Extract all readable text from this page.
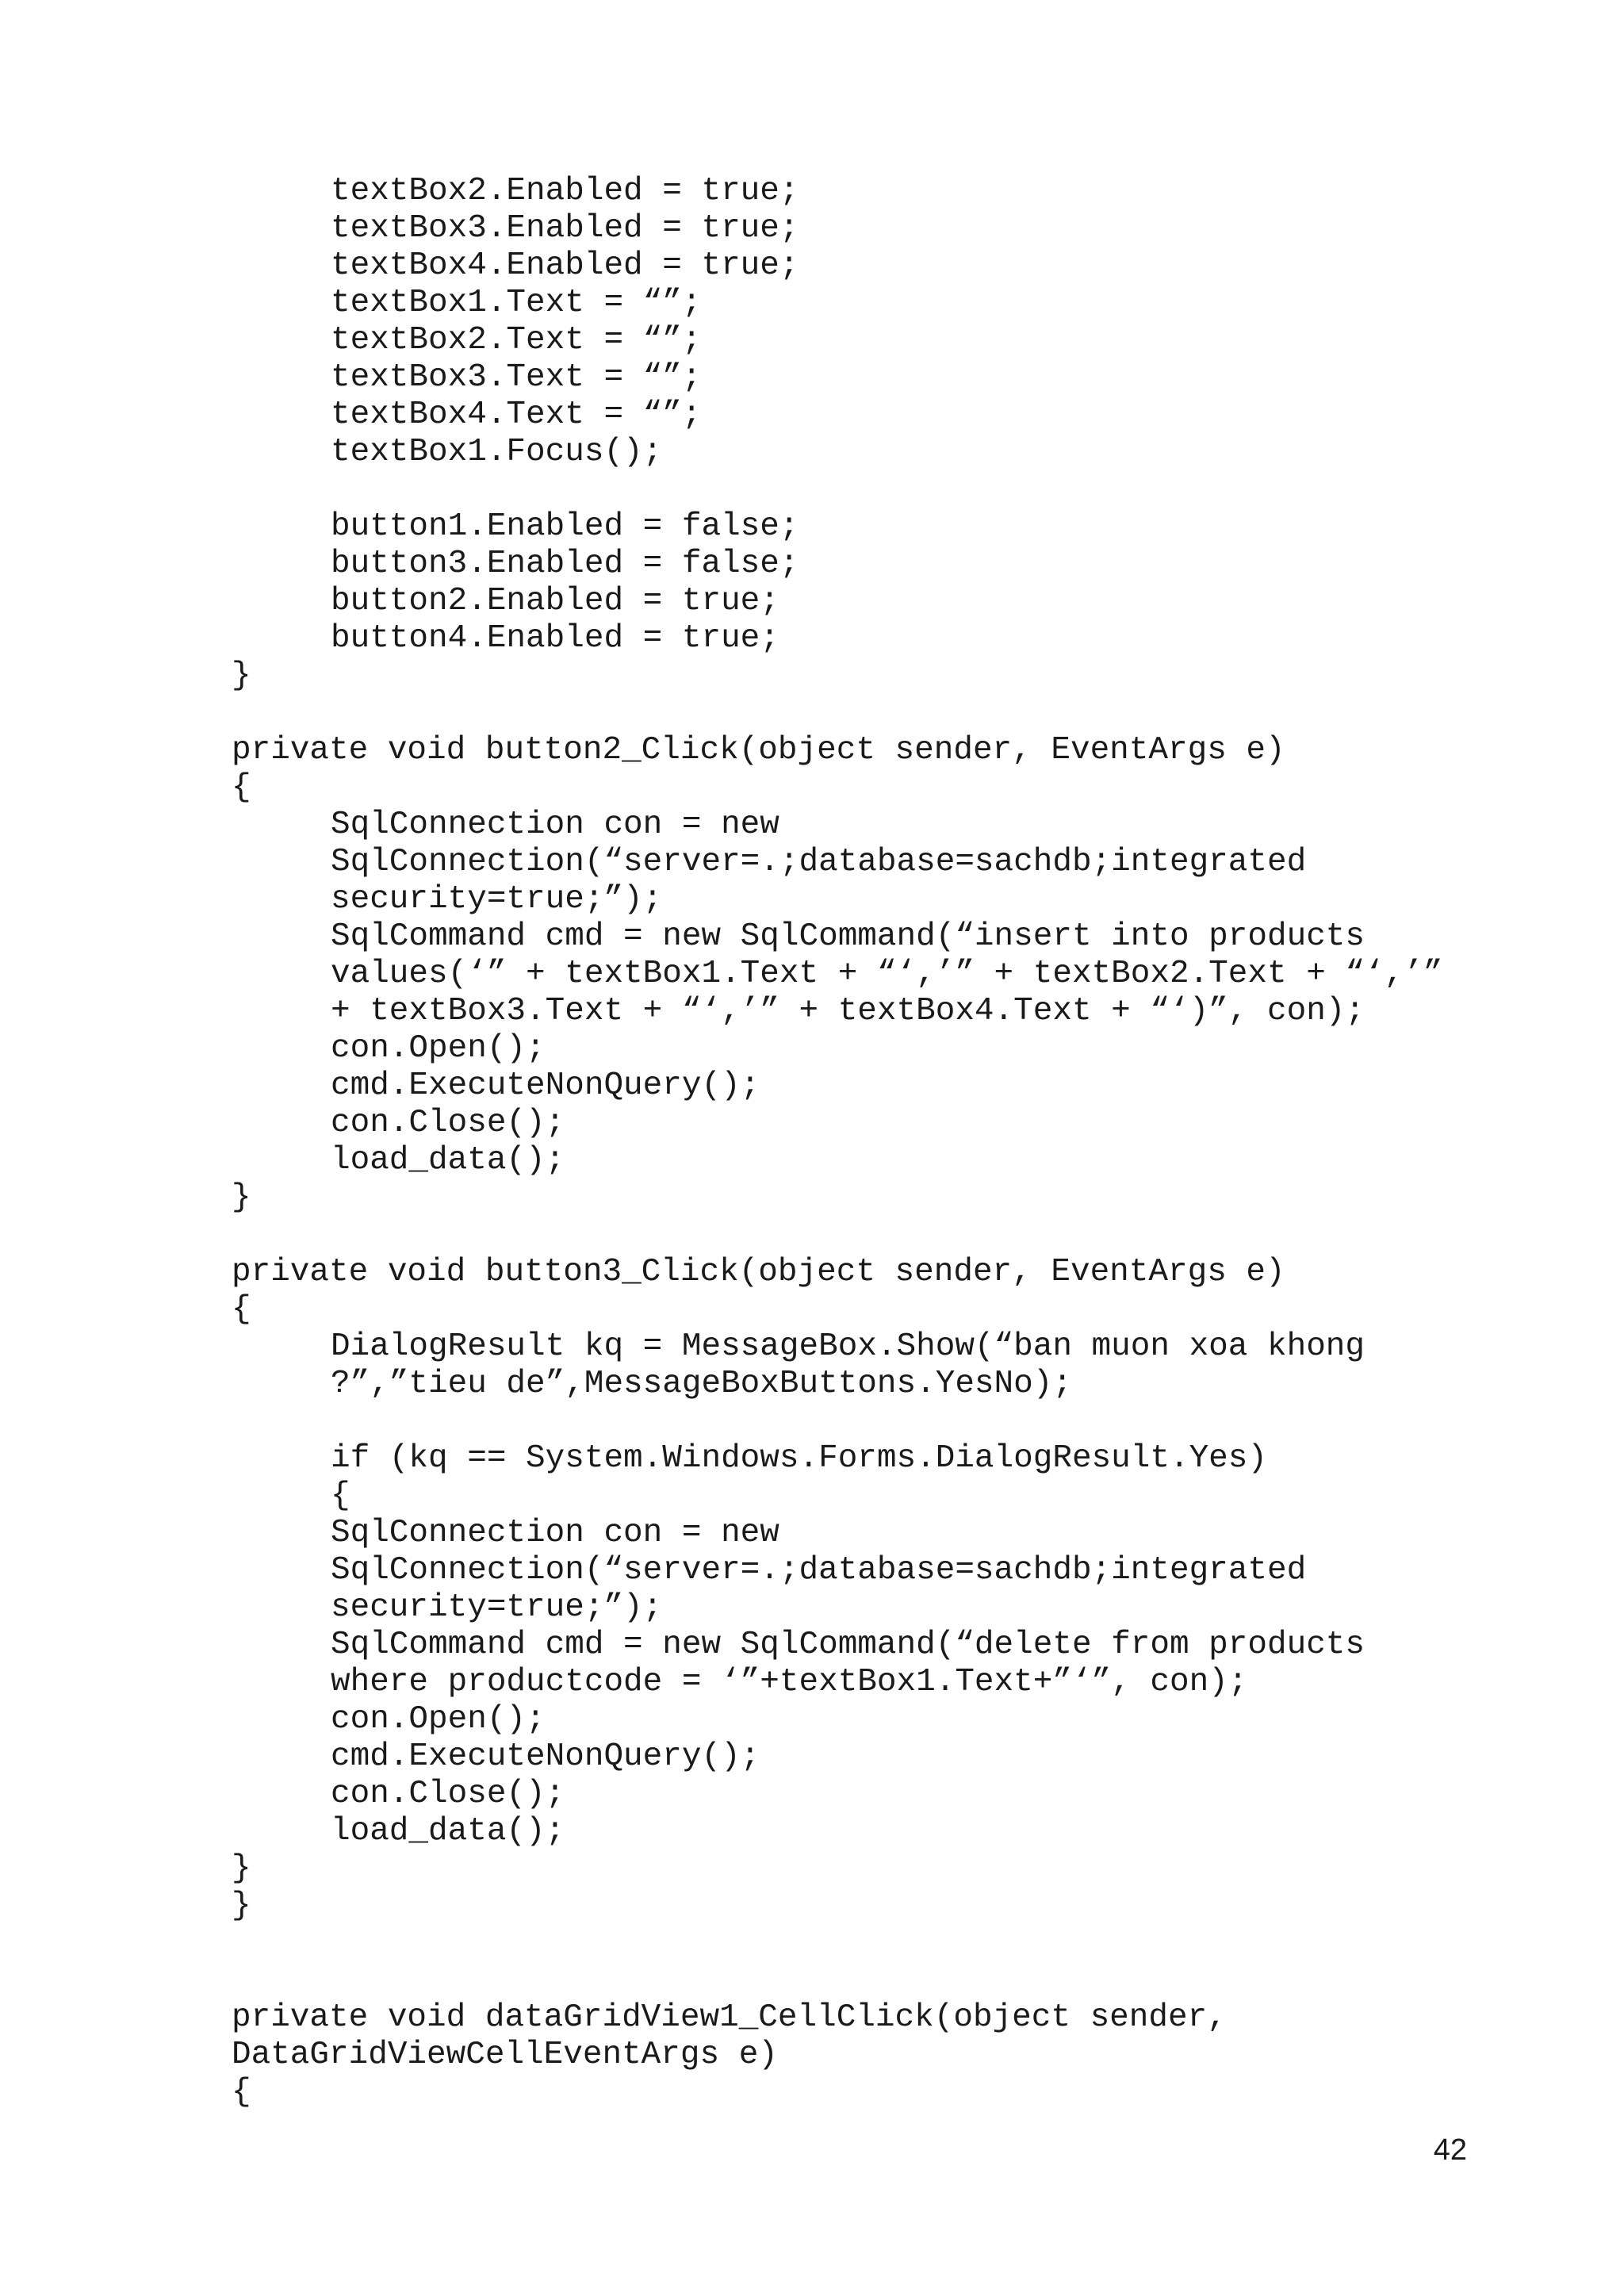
textBox2.Enabled = true;
textBox3.Enabled = true;
textBox4.Enabled = true;
textBox1.Text = “”;
textBox2.Text = “”;
textBox3.Text = “”;
textBox4.Text = “”;
textBox1.Focus();
button1.Enabled = false;
button3.Enabled = false;
button2.Enabled = true;
button4.Enabled = true;
}
private void button2_Click(object sender, EventArgs e)
{
SqlConnection con = new
SqlConnection(“server=.;database=sachdb;integrated
security=true;”);
SqlCommand cmd = new SqlCommand(“insert into products
values(‘” + textBox1.Text + “‘,’” + textBox2.Text + “‘,’”
+ textBox3.Text + “‘,’” + textBox4.Text + “‘)”, con);
con.Open();
cmd.ExecuteNonQuery();
con.Close();
load_data();
}
private void button3_Click(object sender, EventArgs e)
{
DialogResult kq = MessageBox.Show(“ban muon xoa khong
?”,”tieu de”,MessageBoxButtons.YesNo);
if (kq == System.Windows.Forms.DialogResult.Yes)
{
SqlConnection con = new
SqlConnection(“server=.;database=sachdb;integrated
security=true;”);
SqlCommand cmd = new SqlCommand(“delete from products
where productcode = ‘”+textBox1.Text+”‘”, con);
con.Open();
cmd.ExecuteNonQuery();
con.Close();
load_data();
}
}
private void dataGridView1_CellClick(object sender,
DataGridViewCellEventArgs e)
{
42
